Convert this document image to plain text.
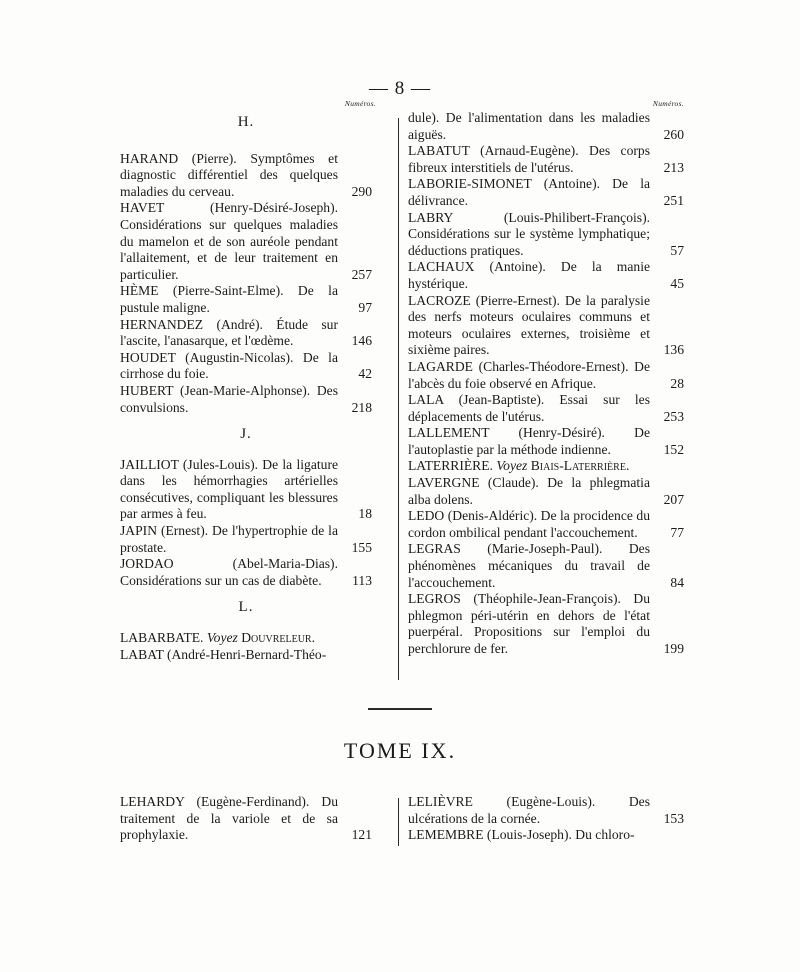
— 8 —
Numéros.
H.
HARAND (Pierre). Symptômes et diagnostic différentiel des quelques maladies du cerveau.	290
HAVET (Henry-Désiré-Joseph). Considérations sur quelques maladies du mamelon et de son auréole pendant l'allaitement, et de leur traitement en particulier.	257
HÈME (Pierre-Saint-Elme). De la pustule maligne.	97
HERNANDEZ (André). Étude sur l'ascite, l'anasarque, et l'œdème.	146
HOUDET (Augustin-Nicolas). De la cirrhose du foie.	42
HUBERT (Jean-Marie-Alphonse). Des convulsions.	218
J.
JAILLIOT (Jules-Louis). De la ligature dans les hémorrhagies artérielles consécutives, compliquant les blessures par armes à feu.	18
JAPIN (Ernest). De l'hypertrophie de la prostate.	155
JORDAO (Abel-Maria-Dias). Considérations sur un cas de diabète. 113
L.
LABARBATE. Voyez Douvreleur.
LABAT (André-Henri-Bernard-Théo-
Numéros.
dule). De l'alimentation dans les maladies aiguës.	260
LABATUT (Arnaud-Eugène). Des corps fibreux interstitiels de l'utérus.	213
LABORIE-SIMONET (Antoine). De la délivrance.	251
LABRY (Louis-Philibert-François). Considérations sur le système lymphatique; déductions pratiques.	57
LACHAUX (Antoine). De la manie hystérique.	45
LACROZE (Pierre-Ernest). De la paralysie des nerfs moteurs oculaires communs et moteurs oculaires externes, troisième et sixième paires.	136
LAGARDE (Charles-Théodore-Ernest). De l'abcès du foie observé en Afrique.	28
LALA (Jean-Baptiste). Essai sur les déplacements de l'utérus.	253
LALLEMENT (Henry-Désiré). De l'autoplastie par la méthode indienne.	152
LATERRIÈRE. Voyez Biais-Laterrière.
LAVERGNE (Claude). De la phlegmatia alba dolens.	207
LEDO (Denis-Aldéric). De la procidence du cordon ombilical pendant l'accouchement. 77
LEGRAS (Marie-Joseph-Paul). Des phénomènes mécaniques du travail de l'accouchement.	84
LEGROS (Théophile-Jean-François). Du phlegmon péri-utérin en dehors de l'état puerpéral. Propositions sur l'emploi du perchlorure de fer.	199
TOME IX.
LEHARDY (Eugène-Ferdinand). Du traitement de la variole et de sa prophylaxie.	121
LELIÈVRE (Eugène-Louis). Des ulcérations de la cornée.	153
LEMEMBRE (Louis-Joseph). Du chloro-
